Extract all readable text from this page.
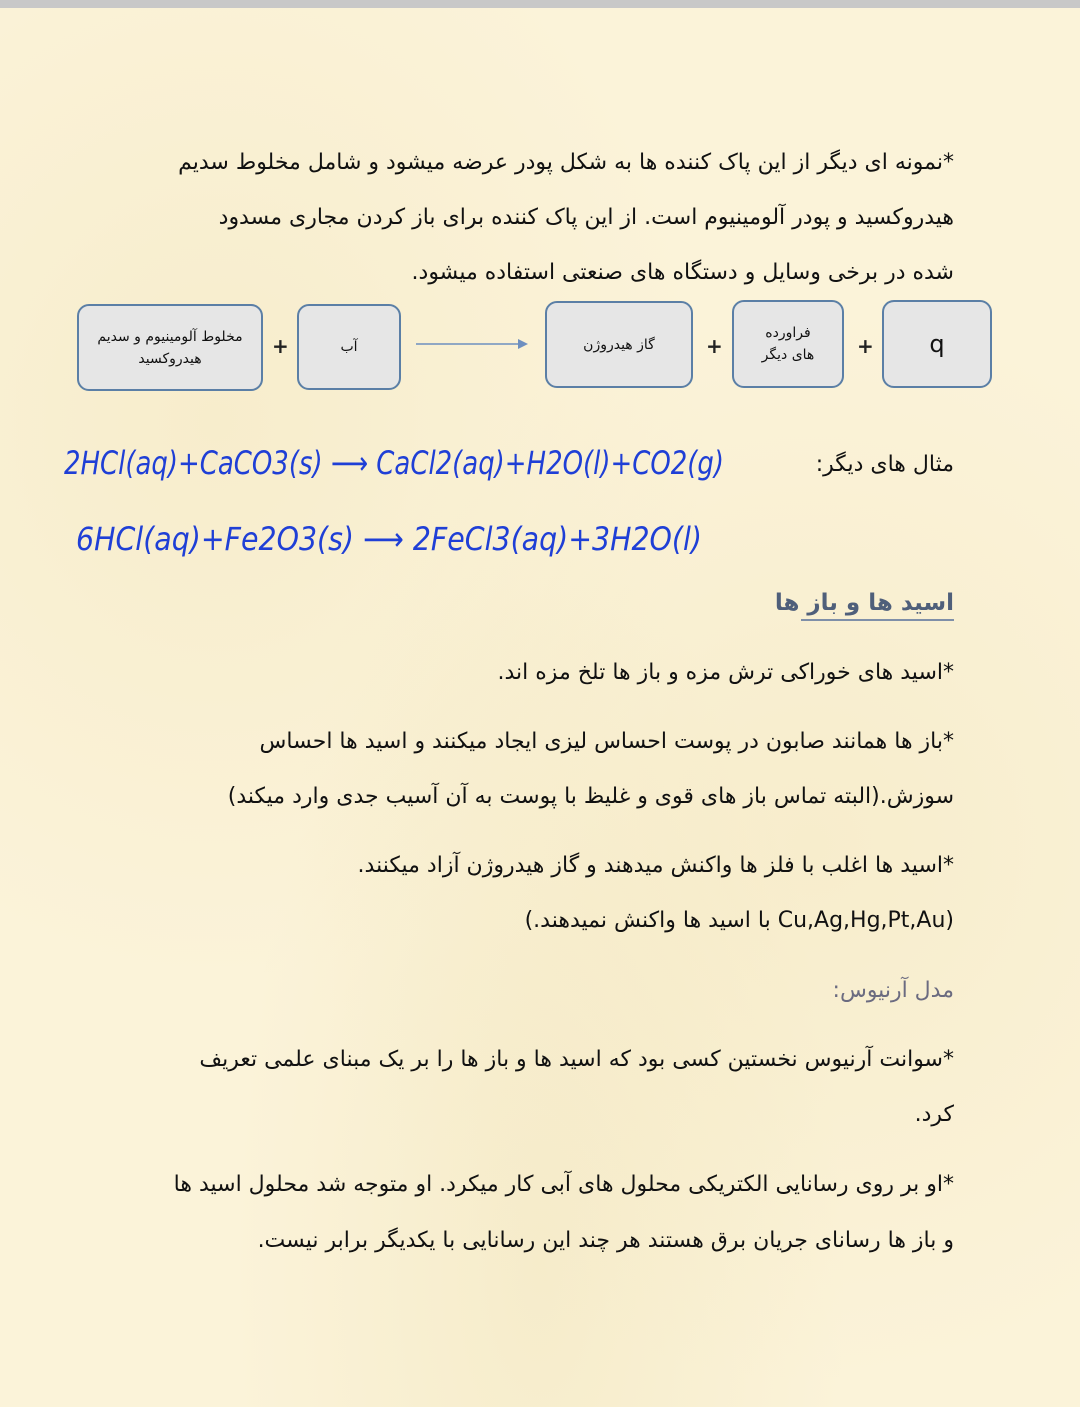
*نمونه ای دیگر از این پاک کننده ها به شکل پودر عرضه میشود و شامل مخلوط سدیم
هیدروکسید و پودر آلومینیوم است. از این پاک کننده برای باز کردن مجاری مسدود
شده در برخی وسایل و دستگاه های صنعتی استفاده میشود.
مخلوط آلومینیوم و سدیم هیدروکسید
+	آب	گاز هیدروژن	+
فراورده های دیگر	+ q
مثال های دیگر:
2HCl(aq)+CaCO3(s) ⟶ CaCl2(aq)+H2O(l)+CO2(g)
6HCl(aq)+Fe2O3(s) ⟶ 2FeCl3(aq)+3H2O(l)
اسید ها و باز ها
*اسید های خوراکی ترش مزه و باز ها تلخ مزه اند.
*باز ها همانند صابون در پوست احساس لیزی ایجاد میکنند و اسید ها احساس
سوزش.(البته تماس باز های قوی و غلیظ با پوست به آن آسیب جدی وارد میکند)
*اسید ها اغلب با فلز ها واکنش میدهند و گاز هیدروژن آزاد میکنند.
(Cu,Ag,Hg,Pt,Au با اسید ها واکنش نمیدهند.)
مدل آرنیوس:
*سوانت آرنیوس نخستین کسی بود که اسید ها و باز ها را بر یک مبنای علمی تعریف
کرد.
*او بر روی رسانایی الکتریکی محلول های آبی کار میکرد. او متوجه شد محلول اسید ها
و باز ها رسانای جریان برق هستند هر چند این رسانایی با یکدیگر برابر نیست.
